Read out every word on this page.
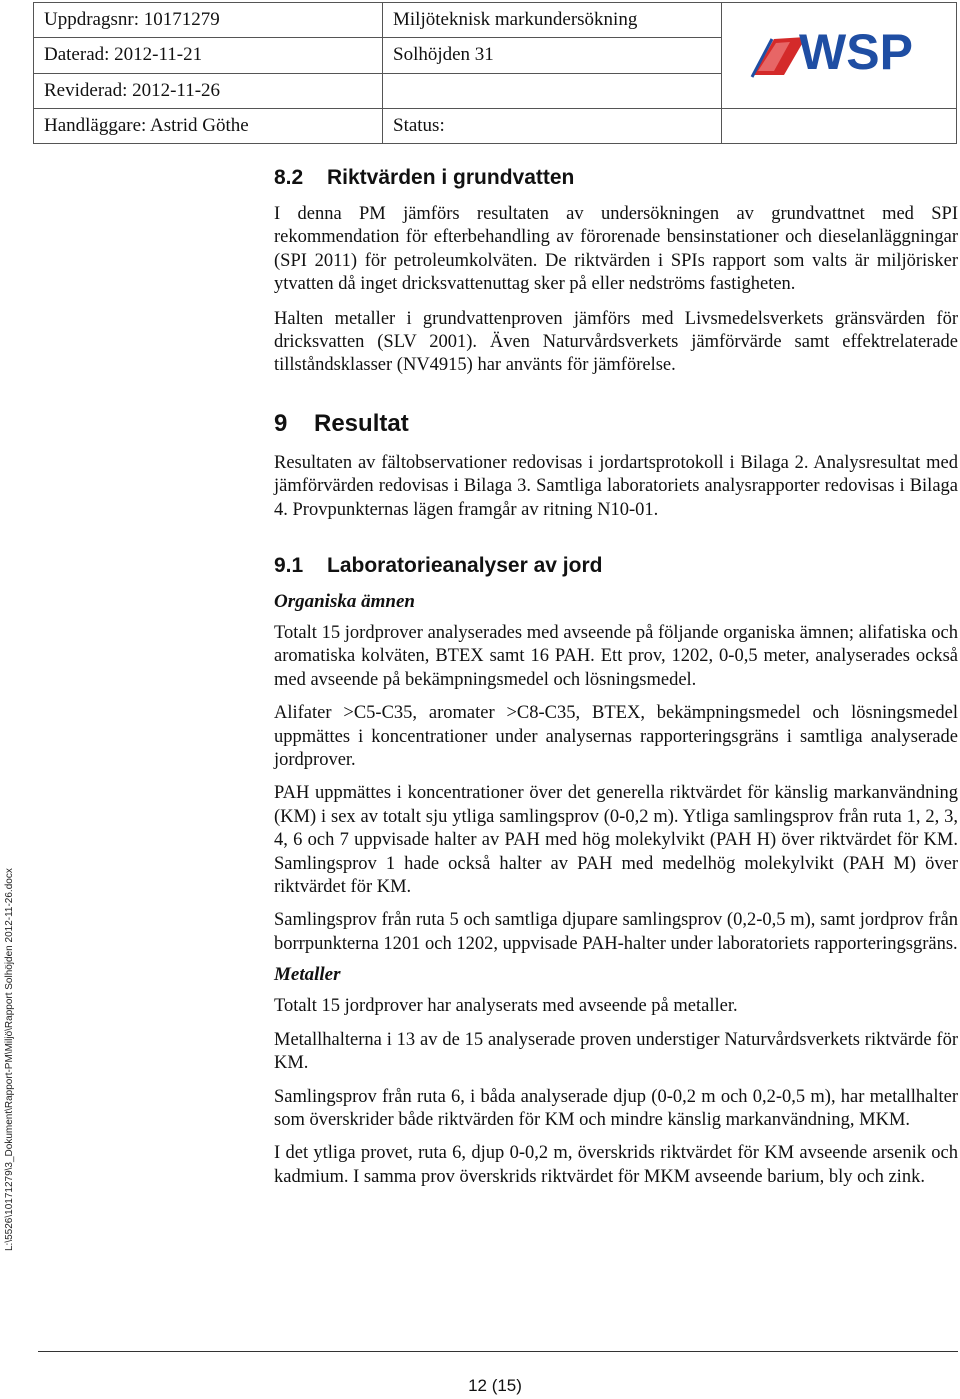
Uppdragsnr: 10171279	Miljöteknisk markundersökning	WSP

Daterad: 2012-11-21	Solhöjden 31	
Reviderad: 2012-11-26		
Handläggare: Astrid Göthe	Status:	
L:\5526\10171279\3_Dokument\Rapport-PM\Miljö\Rapport Solhöjden 2012-11-26.docx
8.2 Riktvärden i grundvatten

I denna PM jämförs resultaten av undersökningen av grundvattnet med SPI rekommendation för efterbehandling av förorenade bensinstationer och dieselanläggningar (SPI 2011) för petroleumkolväten. De riktvärden i SPIs rapport som valts är miljörisker ytvatten då inget dricksvattenuttag sker på eller nedströms fastigheten.

Halten metaller i grundvattenproven jämförs med Livsmedelsverkets gränsvärden för dricksvatten (SLV 2001). Även Naturvårdsverkets jämförvärde samt effektrelaterade tillståndsklasser (NV4915) har använts för jämförelse.

9 Resultat

Resultaten av fältobservationer redovisas i jordartsprotokoll i Bilaga 2. Analysresultat med jämförvärden redovisas i Bilaga 3. Samtliga laboratoriets analysrapporter redovisas i Bilaga 4. Provpunkternas lägen framgår av ritning N10-01.

9.1 Laboratorieanalyser av jord
Organiska ämnen

Totalt 15 jordprover analyserades med avseende på följande organiska ämnen; alifatiska och aromatiska kolväten, BTEX samt 16 PAH. Ett prov, 1202, 0-0,5 meter, analyserades också med avseende på bekämpningsmedel och lösningsmedel.

Alifater >C5-C35, aromater >C8-C35, BTEX, bekämpningsmedel och lösningsmedel uppmättes i koncentrationer under analysernas rapporteringsgräns i samtliga analyserade jordprover.

PAH uppmättes i koncentrationer över det generella riktvärdet för känslig markanvändning (KM) i sex av totalt sju ytliga samlingsprov (0-0,2 m). Ytliga samlingsprov från ruta 1, 2, 3, 4, 6 och 7 uppvisade halter av PAH med hög molekylvikt (PAH H) över riktvärdet för KM. Samlingsprov 1 hade också halter av PAH med medelhög molekylvikt (PAH M) över riktvärdet för KM.

Samlingsprov från ruta 5 och samtliga djupare samlingsprov (0,2-0,5 m), samt jordprov från borrpunkterna 1201 och 1202, uppvisade PAH-halter under laboratoriets rapporteringsgräns.

Metaller

Totalt 15 jordprover har analyserats med avseende på metaller.

Metallhalterna i 13 av de 15 analyserade proven understiger Naturvårdsverkets riktvärde för KM.

Samlingsprov från ruta 6, i båda analyserade djup (0-0,2 m och 0,2-0,5 m), har metallhalter som överskrider både riktvärden för KM och mindre känslig markanvändning, MKM.

I det ytliga provet, ruta 6, djup 0-0,2 m, överskrids riktvärdet för KM avseende arsenik och kadmium. I samma prov överskrids riktvärdet för MKM avseende barium, bly och zink.

12 (15)
